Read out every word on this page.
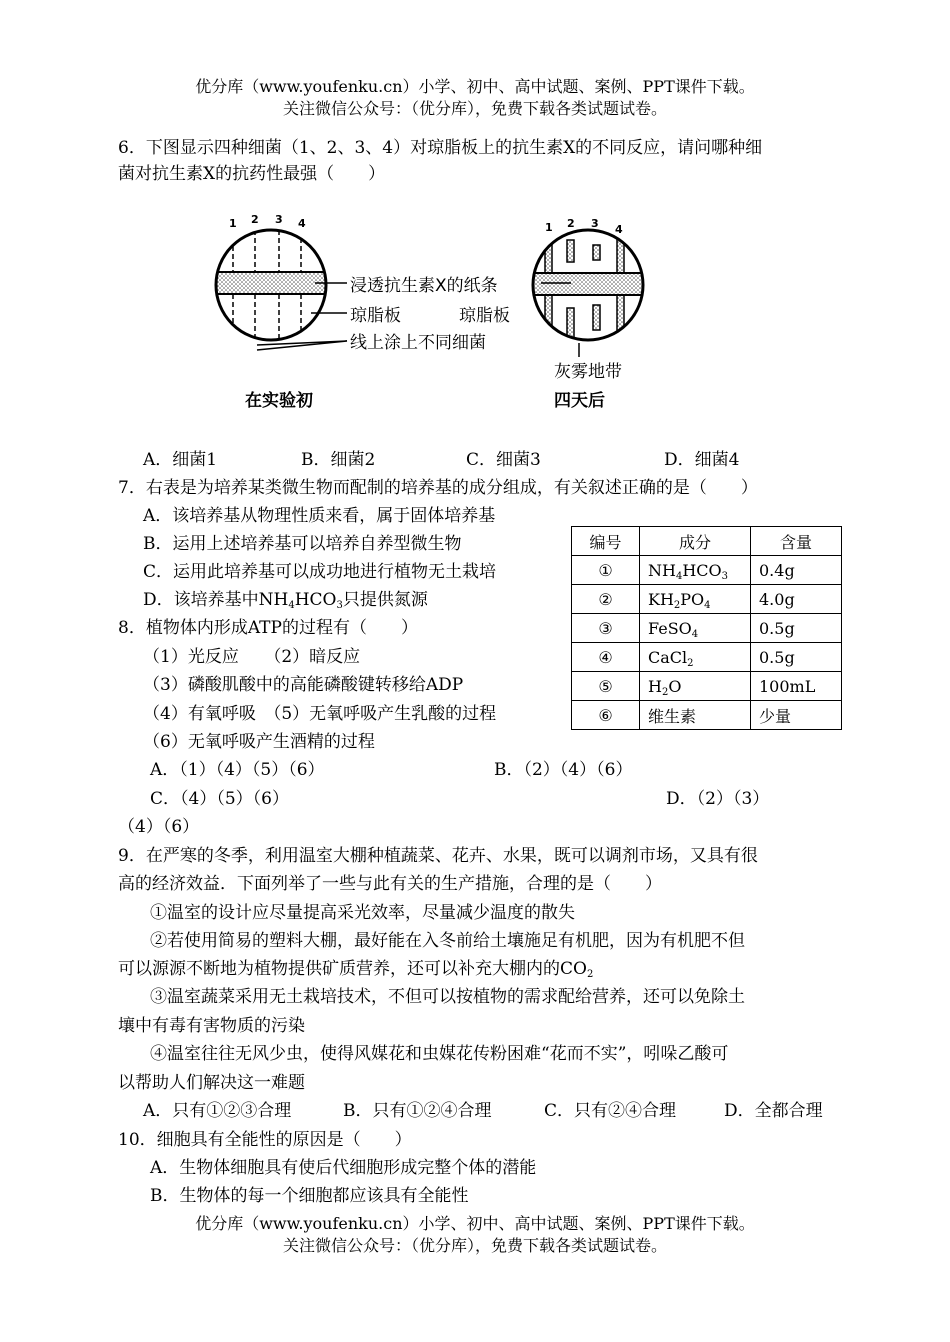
优分库（www.youfenku.cn）小学、初中、高中试题、案例、PPT课件下载。
关注微信公众号：（优分库），免费下载各类试题试卷。
6．下图显示四种细菌（1、2、3、4）对琼脂板上的抗生素X的不同反应，请问哪种细
菌对抗生素X的抗药性最强（　　）
1 2 3 4	1 2 3 4
浸透抗生素X的纸条
琼脂板	琼脂板
线上涂上不同细菌
灰雾地带
在实验初	四天后
A．细菌1	B．细菌2	C．细菌3	D．细菌4
7．右表是为培养某类微生物而配制的培养基的成分组成，有关叙述正确的是（　　）
A．该培养基从物理性质来看，属于固体培养基
B．运用上述培养基可以培养自养型微生物
C．运用此培养基可以成功地进行植物无土栽培
D．该培养基中$NH_4HCO_3$只提供氮源
编号	成分	含量
①	$NH_4HCO_3$	0.4g
②	$KH_2PO_4$	4.0g
③	FeSO$_4$	0.5g
④	CaCl$_2$	0.5g
⑤	$H_2O$	100mL
⑥	维生素	少量
8．植物体内形成ATP的过程有（　　）
（1）光反应　　（2）暗反应
（3）磷酸肌酸中的高能磷酸键转移给ADP
（4）有氧呼吸　（5）无氧呼吸产生乳酸的过程
（6）无氧呼吸产生酒精的过程
A．（1）（4）（5）（6）	B．（2）（4）（6）
C．（4）（5）（6）	D．（2）（3）
（4）（6）
9．在严寒的冬季，利用温室大棚种植蔬菜、花卉、水果，既可以调剂市场，又具有很
高的经济效益．下面列举了一些与此有关的生产措施，合理的是（　　）
①温室的设计应尽量提高采光效率，尽量减少温度的散失
②若使用简易的塑料大棚，最好能在入冬前给土壤施足有机肥，因为有机肥不但
可以源源不断地为植物提供矿质营养，还可以补充大棚内的$CO_2$
③温室蔬菜采用无土栽培技术，不但可以按植物的需求配给营养，还可以免除土
壤中有毒有害物质的污染
④温室往往无风少虫，使得风媒花和虫媒花传粉困难“花而不实”，吲哚乙酸可
以帮助人们解决这一难题
A．只有①②③合理	B．只有①②④合理	C．只有②④合理	D．全都合理
10．细胞具有全能性的原因是（　　）
A．生物体细胞具有使后代细胞形成完整个体的潜能
B．生物体的每一个细胞都应该具有全能性
优分库（www.youfenku.cn）小学、初中、高中试题、案例、PPT课件下载。
关注微信公众号：（优分库），免费下载各类试题试卷。
